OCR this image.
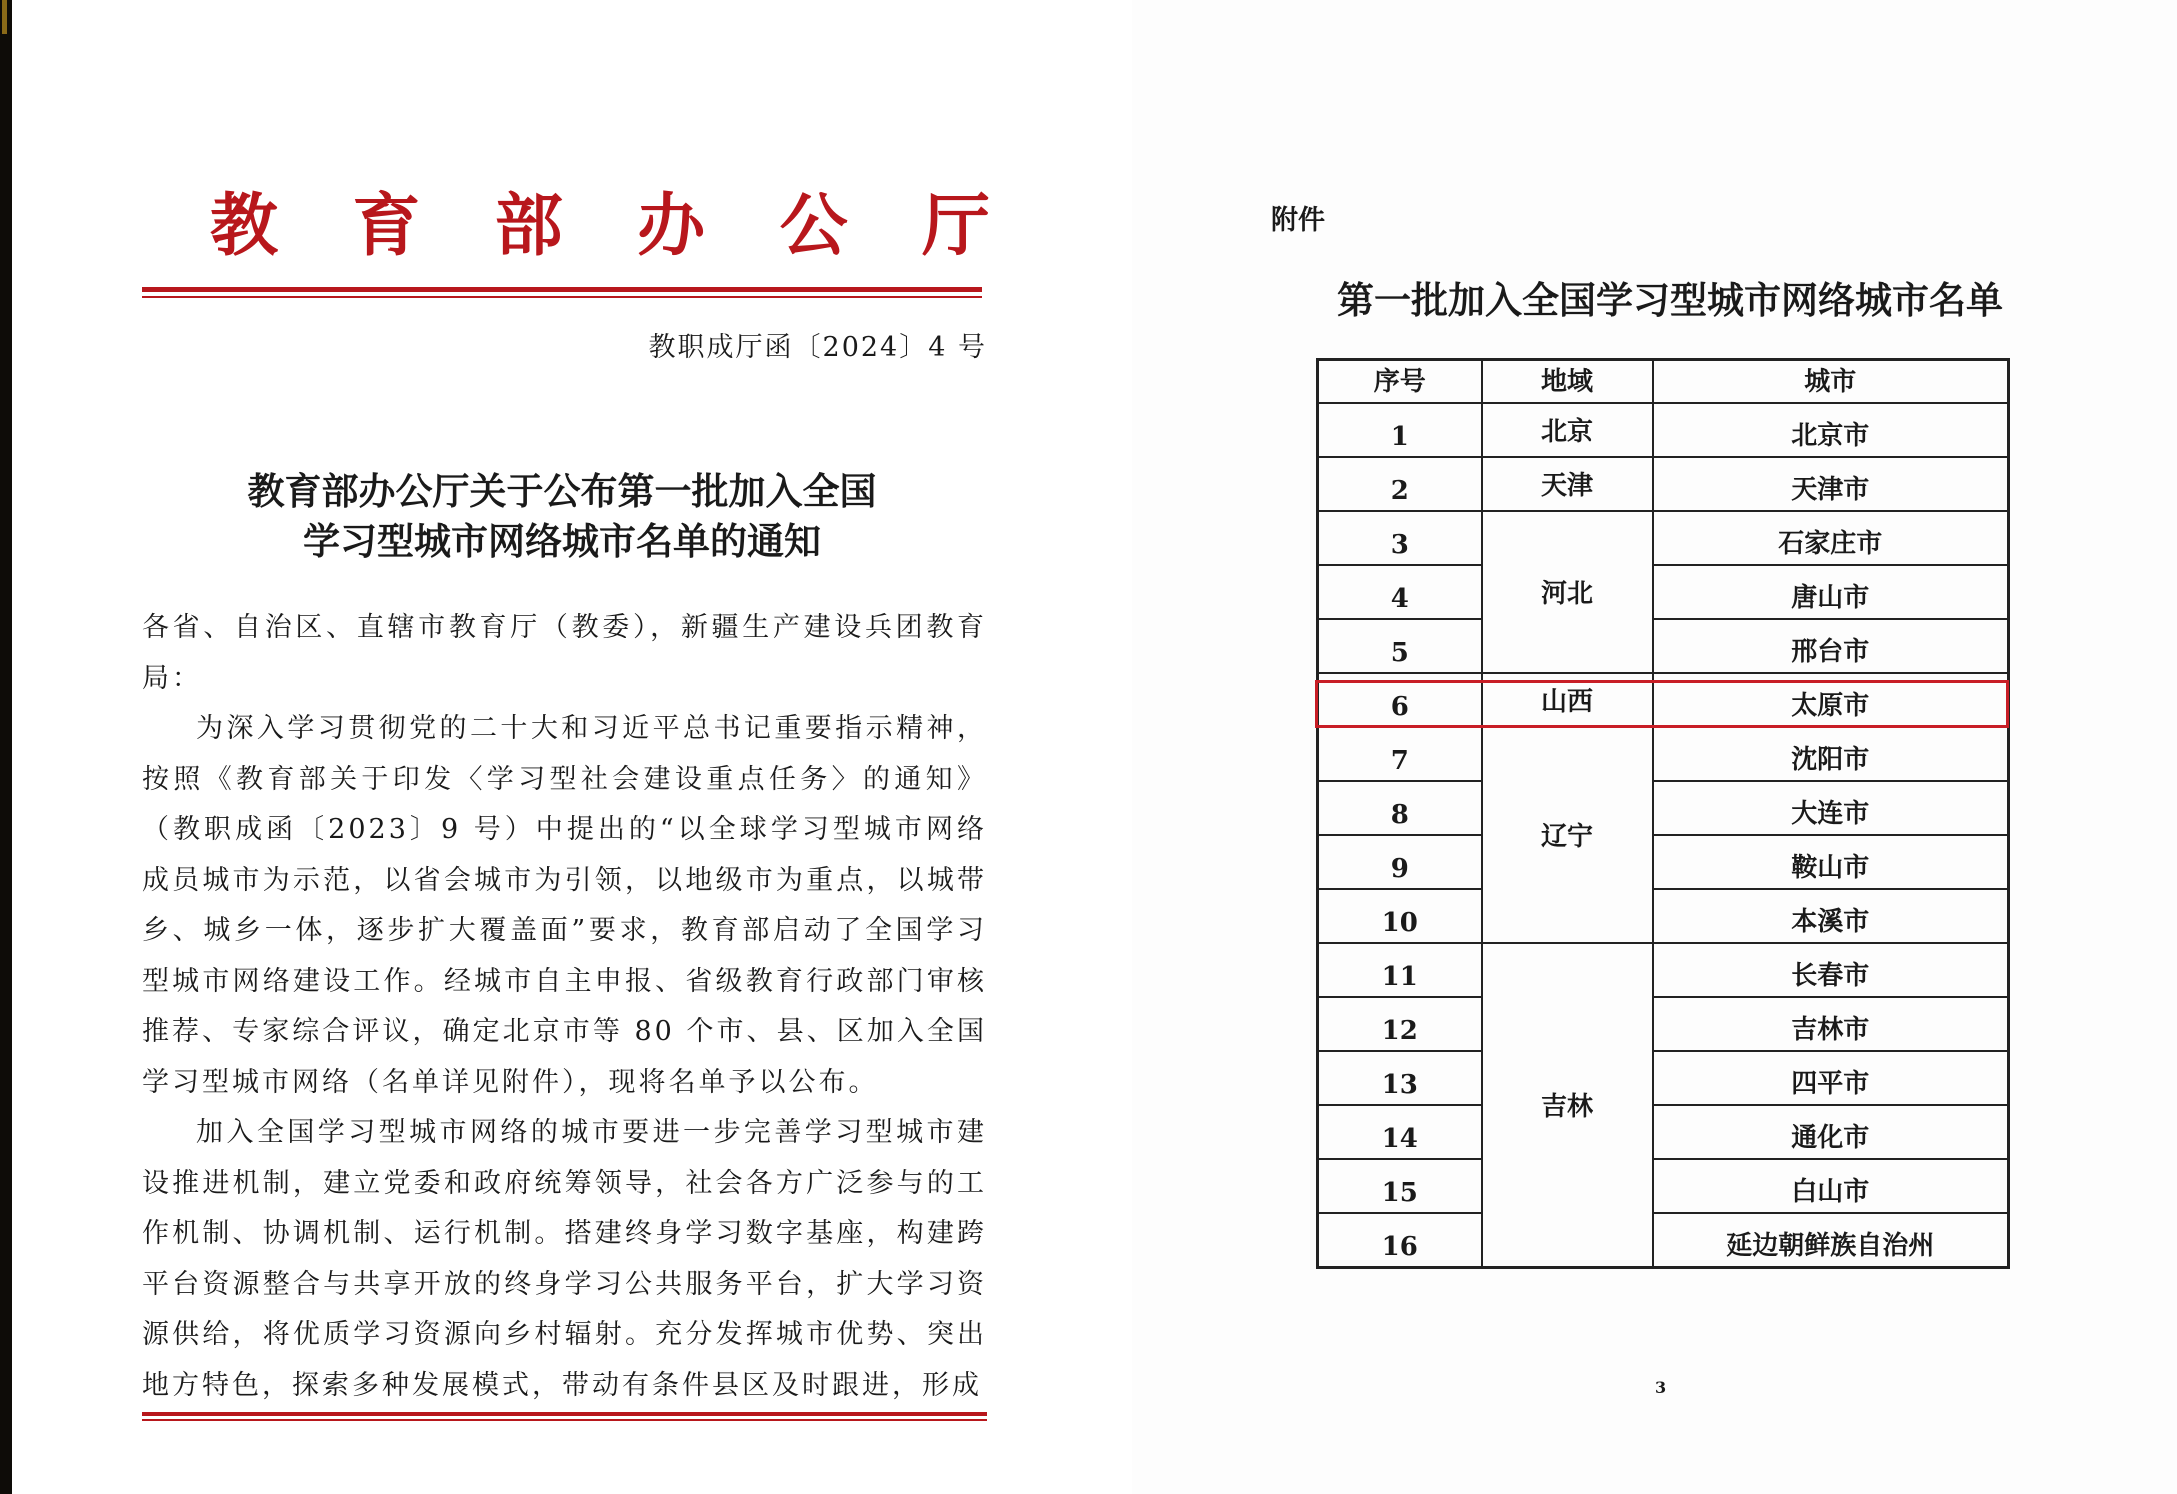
教 育 部 办 公 厅
教职成厅函〔2024〕4 号
教育部办公厅关于公布第一批加入全国
学习型城市网络城市名单的通知

各省、自治区、直辖市教育厅（教委），新疆生产建设兵团教育局：

为深入学习贯彻党的二十大和习近平总书记重要指示精神，按照《教育部关于印发〈学习型社会建设重点任务〉的通知》（教职成函〔2023〕9 号）中提出的“以全球学习型城市网络成员城市为示范，以省会城市为引领，以地级市为重点，以城带乡、城乡一体，逐步扩大覆盖面”要求，教育部启动了全国学习型城市网络建设工作。经城市自主申报、省级教育行政部门审核推荐、专家综合评议，确定北京市等 80 个市、县、区加入全国学习型城市网络（名单详见附件），现将名单予以公布。

加入全国学习型城市网络的城市要进一步完善学习型城市建设推进机制，建立党委和政府统筹领导，社会各方广泛参与的工作机制、协调机制、运行机制。搭建终身学习数字基座，构建跨平台资源整合与共享开放的终身学习公共服务平台，扩大学习资源供给，将优质学习资源向乡村辐射。充分发挥城市优势、突出地方特色，探索多种发展模式，带动有条件县区及时跟进，形成

附件
第一批加入全国学习型城市网络城市名单
序号	地域	城市
1	北京	北京市
2	天津	天津市
3	河北	石家庄市
4		唐山市
5		邢台市
6	山西	太原市
7	辽宁	沈阳市
8		大连市
9		鞍山市
10		本溪市
11	吉林	长春市
12		吉林市
13		四平市
14		通化市
15		白山市
16		延边朝鲜族自治州
3
